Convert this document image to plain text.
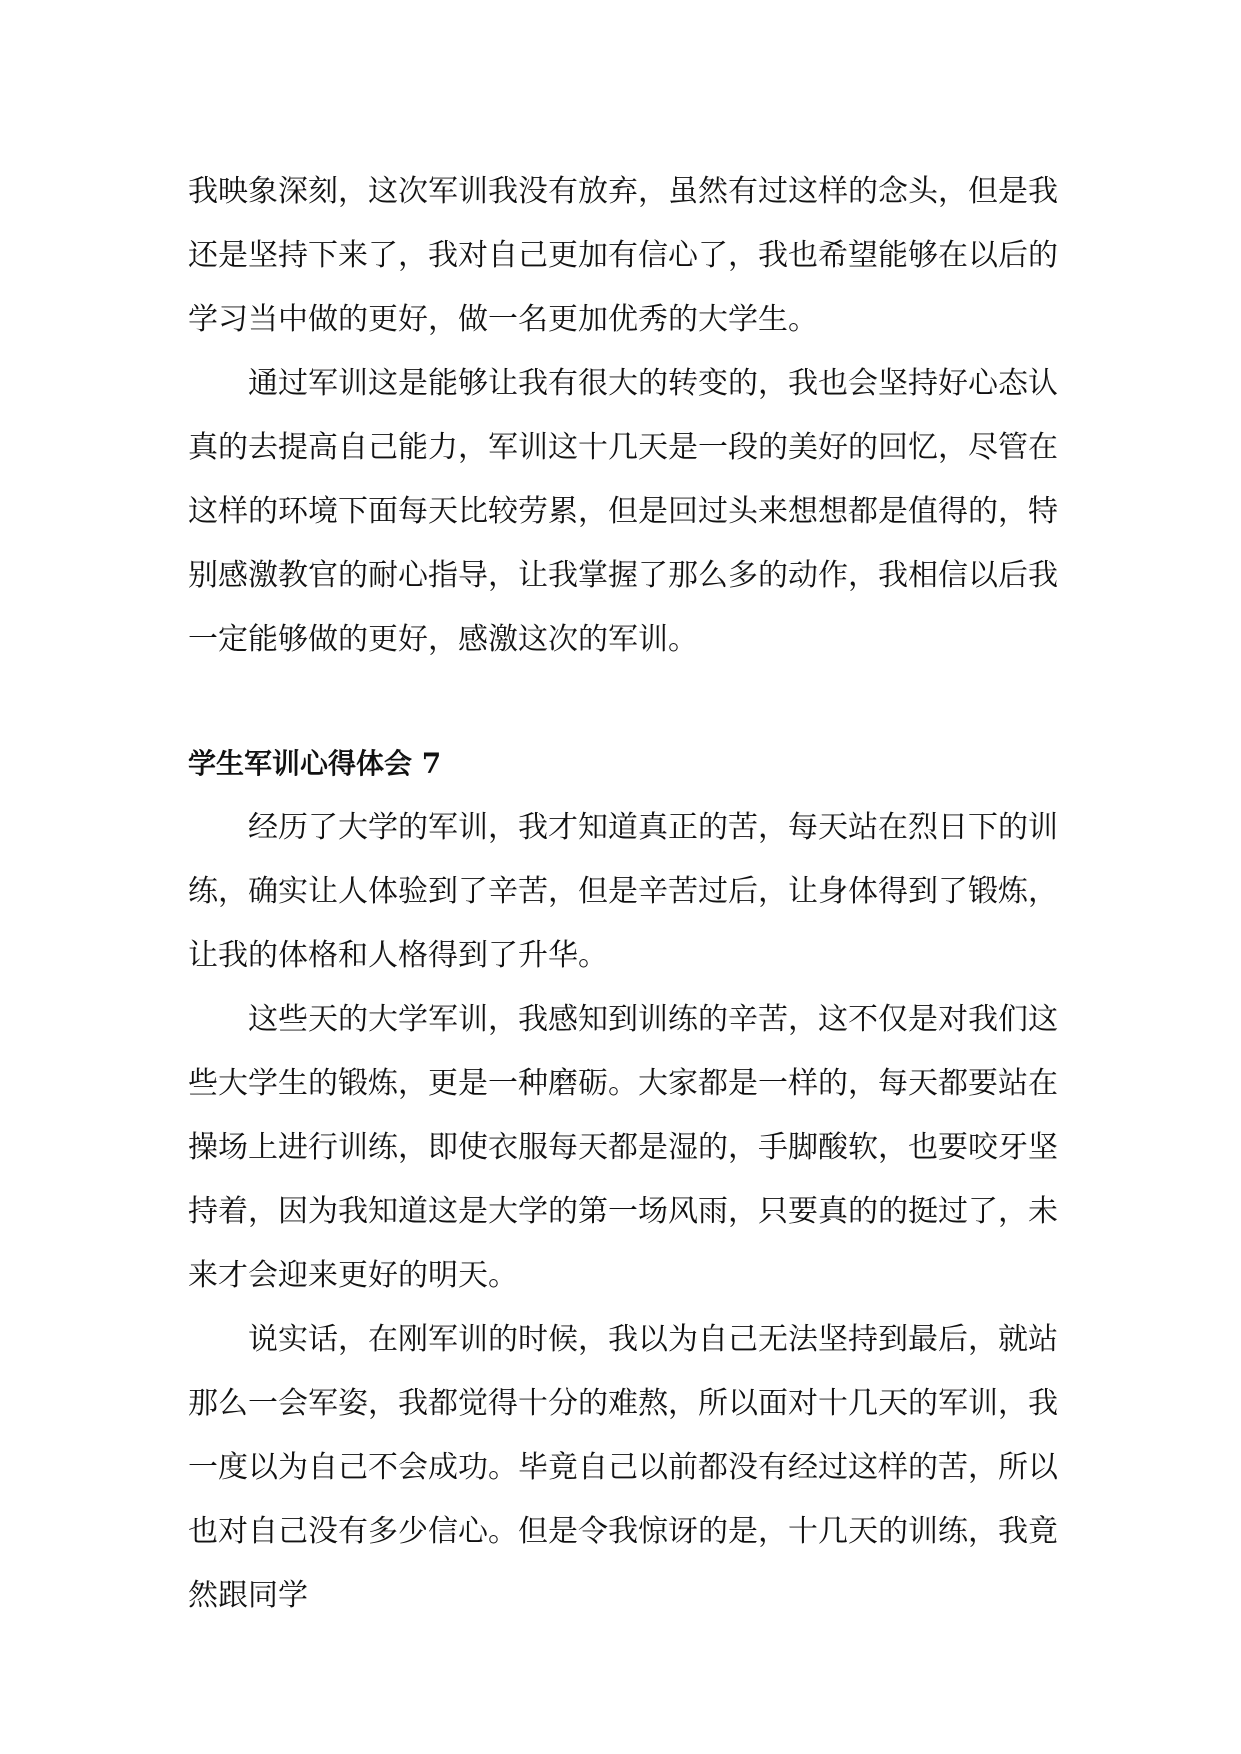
我映象深刻，这次军训我没有放弃，虽然有过这样的念头，但是我还是坚持下来了，我对自己更加有信心了，我也希望能够在以后的学习当中做的更好，做一名更加优秀的大学生。

通过军训这是能够让我有很大的转变的，我也会坚持好心态认真的去提高自己能力，军训这十几天是一段的美好的回忆，尽管在这样的环境下面每天比较劳累，但是回过头来想想都是值得的，特别感激教官的耐心指导，让我掌握了那么多的动作，我相信以后我一定能够做的更好，感激这次的军训。

学生军训心得体会 7

经历了大学的军训，我才知道真正的苦，每天站在烈日下的训练，确实让人体验到了辛苦，但是辛苦过后，让身体得到了锻炼，让我的体格和人格得到了升华。

这些天的大学军训，我感知到训练的辛苦，这不仅是对我们这些大学生的锻炼，更是一种磨砺。大家都是一样的，每天都要站在操场上进行训练，即使衣服每天都是湿的，手脚酸软，也要咬牙坚持着，因为我知道这是大学的第一场风雨，只要真的的挺过了，未来才会迎来更好的明天。

说实话，在刚军训的时候，我以为自己无法坚持到最后，就站那么一会军姿，我都觉得十分的难熬，所以面对十几天的军训，我一度以为自己不会成功。毕竟自己以前都没有经过这样的苦，所以也对自己没有多少信心。但是令我惊讶的是，十几天的训练，我竟然跟同学
